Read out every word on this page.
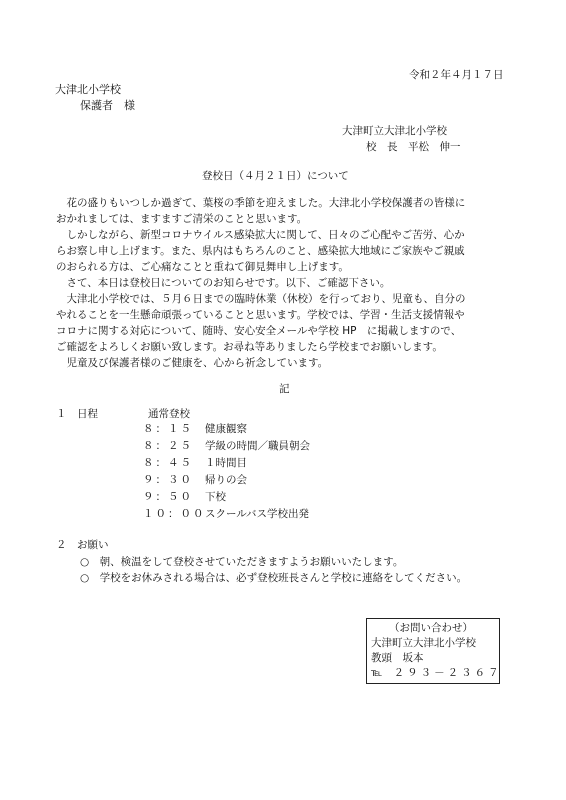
令和２年４月１７日
大津北小学校
保護者　様
大津町立大津北小学校
校　長　平松　伸一
登校日（４月２１日）について
　花の盛りもいつしか過ぎて、葉桜の季節を迎えました。大津北小学校保護者の皆様に
おかれましては、ますますご清栄のことと思います。
　しかしながら、新型コロナウイルス感染拡大に関して、日々のご心配やご苦労、心か
らお察し申し上げます。また、県内はもちろんのこと、感染拡大地域にご家族やご親戚
のおられる方は、ご心痛なことと重ねて御見舞申し上げます。
　さて、本日は登校日についてのお知らせです。以下、ご確認下さい。
　大津北小学校では、５月６日までの臨時休業（休校）を行っており、児童も、自分の
やれることを一生懸命頑張っていることと思います。学校では、学習・生活支援情報や
コロナに関する対応について、随時、安心安全メールや学校 HP　に掲載しますので、
ご確認をよろしくお願い致します。お尋ね等ありましたら学校までお願いします。
　児童及び保護者様のご健康を、心から祈念しています。
記
１　日程	通常登校
８：１５	健康観察
８：２５	学級の時間／職員朝会
８：４５	１時間目
９：３０	帰りの会
９：５０	下校
１０：００ スクールバス学校出発
２　お願い
○　朝、検温をして登校させていただきますようお願いいたします。
○　学校をお休みされる場合は、必ず登校班長さんと学校に連絡をしてください。
（お問い合わせ）
大津町立大津北小学校
教頭　坂本
℡ ２９３－２３６７
